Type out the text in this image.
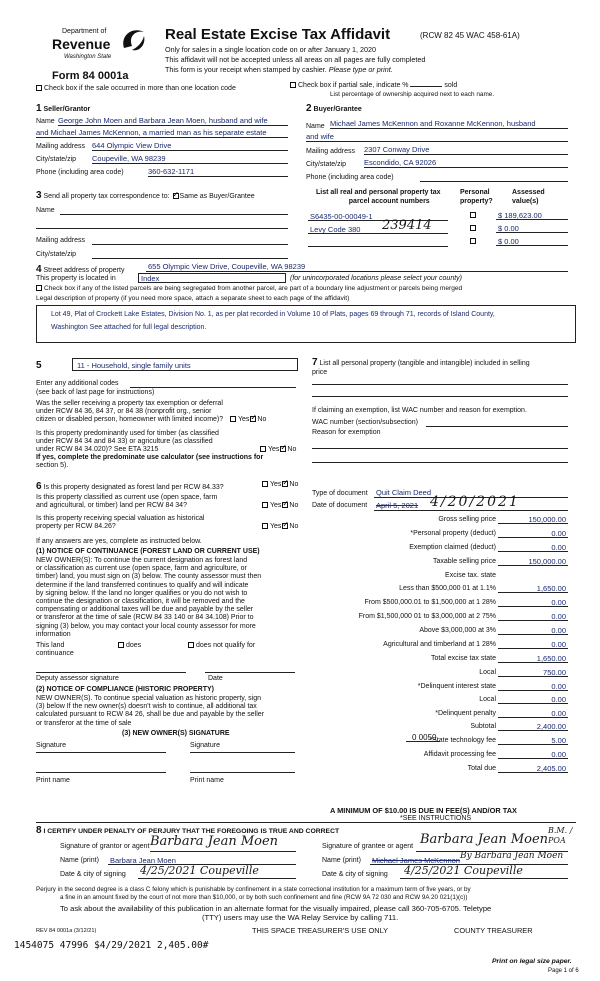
Department of
Revenue
Washington State
Form 84 0001a
Real Estate Excise Tax Affidavit	(RCW 82 45 WAC 458-61A)
Only for sales in a single location code on or after January 1, 2020
This affidavit will not be accepted unless all areas on all pages are fully completed
This form is your receipt when stamped by cashier. Please type or print.
Check box if the sale occurred in more than one location code	Check box if partial sale, indicate %	sold
List percentage of ownership acquired next to each name.
1 Seller/Grantor
Name George John Moen and Barbara Jean Moen, husband and wife
and Michael James McKennon, a married man as his separate estate
Mailing address 644 Olympic View Drive
City/state/zip Coupeville, WA 98239
Phone (including area code)	360-632-1171
2 Buyer/Grantee
Name Michael James McKennon and Roxanne McKennon, husband
and wife
Mailing address 2307 Conway Drive
City/state/zip Escondido, CA 92026
Phone (including area code)
3 Send all property tax correspondence to: ✓ Same as Buyer/Grantee
Name
Mailing address
City/state/zip
List all real and personal property tax
parcel account numbers
Personal
property?
Assessed
value(s)
S6435-00-00049-1	$ 189,623.00
Levy Code 380 239414	$ 0.00
$ 0.00
4 Street address of property	655 Olympic View Drive, Coupeville, WA 98239
This property is located in	Index	(for unincorporated locations please select your county)
Check box if any of the listed parcels are being segregated from another parcel, are part of a boundary line adjustment or parcels being merged
Legal description of property (if you need more space, attach a separate sheet to each page of the affidavit)
Lot 49, Plat of Crockett Lake Estates, Division No. 1, as per plat recorded in Volume 10 of Plats, pages 69 through 71, records of Island County,
Washington See attached for full legal description.
5	11 - Household, single family units
Enter any additional codes
(see back of last page for instructions)
Was the seller receiving a property tax exemption or deferral
under RCW 84 36, 84 37, or 84 38 (nonprofit org., senior
citizen or disabled person, homeowner with limited income)?	Yes ✓ No
Is this property predominantly used for timber (as classified
under RCW 84 34 and 84 33) or agriculture (as classified
under RCW 84 34.020)? See ETA 3215
If yes, complete the predominate use calculator (see instructions for
section 5).
Yes ✓ No
6 Is this property designated as forest land per RCW 84.33?	Yes ✓ No
Is this property classified as current use (open space, farm
and agricultural, or timber) land per RCW 84 34?	Yes ✓ No
Is this property receiving special valuation as historical
property per RCW 84.26?	Yes ✓ No
If any answers are yes, complete as instructed below.
(1) NOTICE OF CONTINUANCE (FOREST LAND OR CURRENT USE)
NEW OWNER(S): To continue the current designation as forest land
or classification as current use (open space, farm and agriculture, or
timber) land, you must sign on (3) below. The county assessor must then
determine if the land transferred continues to qualify and will indicate
by signing below. If the land no longer qualifies or you do not wish to
continue the designation or classification, it will be removed and the
compensating or additional taxes will be due and payable by the seller
or transferor at the time of sale (RCW 84 33 140 or 84 34.108) Prior to
signing (3) below, you may contact your local county assessor for more
information
This land
continuance
does	does not qualify for
Deputy assessor signature	Date
(2) NOTICE OF COMPLIANCE (HISTORIC PROPERTY)
NEW OWNER(S). To continue special valuation as historic property, sign
(3) below If the new owner(s) doesn't wish to continue, all additional tax
calculated pursuant to RCW 84 26, shall be due and payable by the seller
or transferor at the time of sale
(3) NEW OWNER(S) SIGNATURE
Signature	Signature
Print name	Print name
7 List all personal property (tangible and intangible) included in selling
price
If claiming an exemption, list WAC number and reason for exemption.
WAC number (section/subsection)
Reason for exemption
Type of document Quit Claim Deed
Date of document April 5, 2021 4/20/2021
Gross selling price	150,000.00
*Personal property (deduct)	0.00
Exemption claimed (deduct)	0.00
Taxable selling price	150,000.00
Excise tax. state
Less than $500,000 01 at 1.1%	1,650.00
From $500,000.01 to $1,500,000 at 1 28%	0.00
From $1,500,000 01 to $3,000,000 at 2 75%	0.00
Above $3,000,000 at 3%	0.00
Agricultural and timberland at 1 28%	0.00
Total excise tax state	1,650.00
Local	750.00
*Delinquent interest state	0.00
Local	0.00
*Delinquent penalty	0.00
Subtotal	2,400.00
*State technology fee	5.00
Affidavit processing fee	0.00
Total due	2,405.00
0 0050
A MINIMUM OF $10.00 IS DUE IN FEE(S) AND/OR TAX
*SEE INSTRUCTIONS
8 I CERTIFY UNDER PENALTY OF PERJURY THAT THE FOREGOING IS TRUE AND CORRECT
Signature of grantor or agent Barbara Jean Moen
Name (print) Barbara Jean Moen
Date & city of signing 4/25/2021 Coupeville
Signature of grantee or agent Barbara Jean Moen
Name (print) Michael James McKennon By Barbara Jean Moen
Date & city of signing 4/25/2021 Coupeville
B.M. / POA
Perjury in the second degree is a class C felony which is punishable by confinement in a state correctional institution for a maximum term of five years, or by
a fine in an amount fixed by the court of not more than $10,000, or by both such confinement and fine (RCW 9A 72 030 and RCW 9A 20 021(1)(c))
To ask about the availability of this publication in an alternate format for the visually impaired, please call 360-705-6705. Teletype
(TTY) users may use the WA Relay Service by calling 711.
REV 84 0001a (3/12/21)	THIS SPACE TREASURER'S USE ONLY	COUNTY TREASURER
1454075 47996 $4/29/2021 2,405.00#
Print on legal size paper.
Page 1 of 6
